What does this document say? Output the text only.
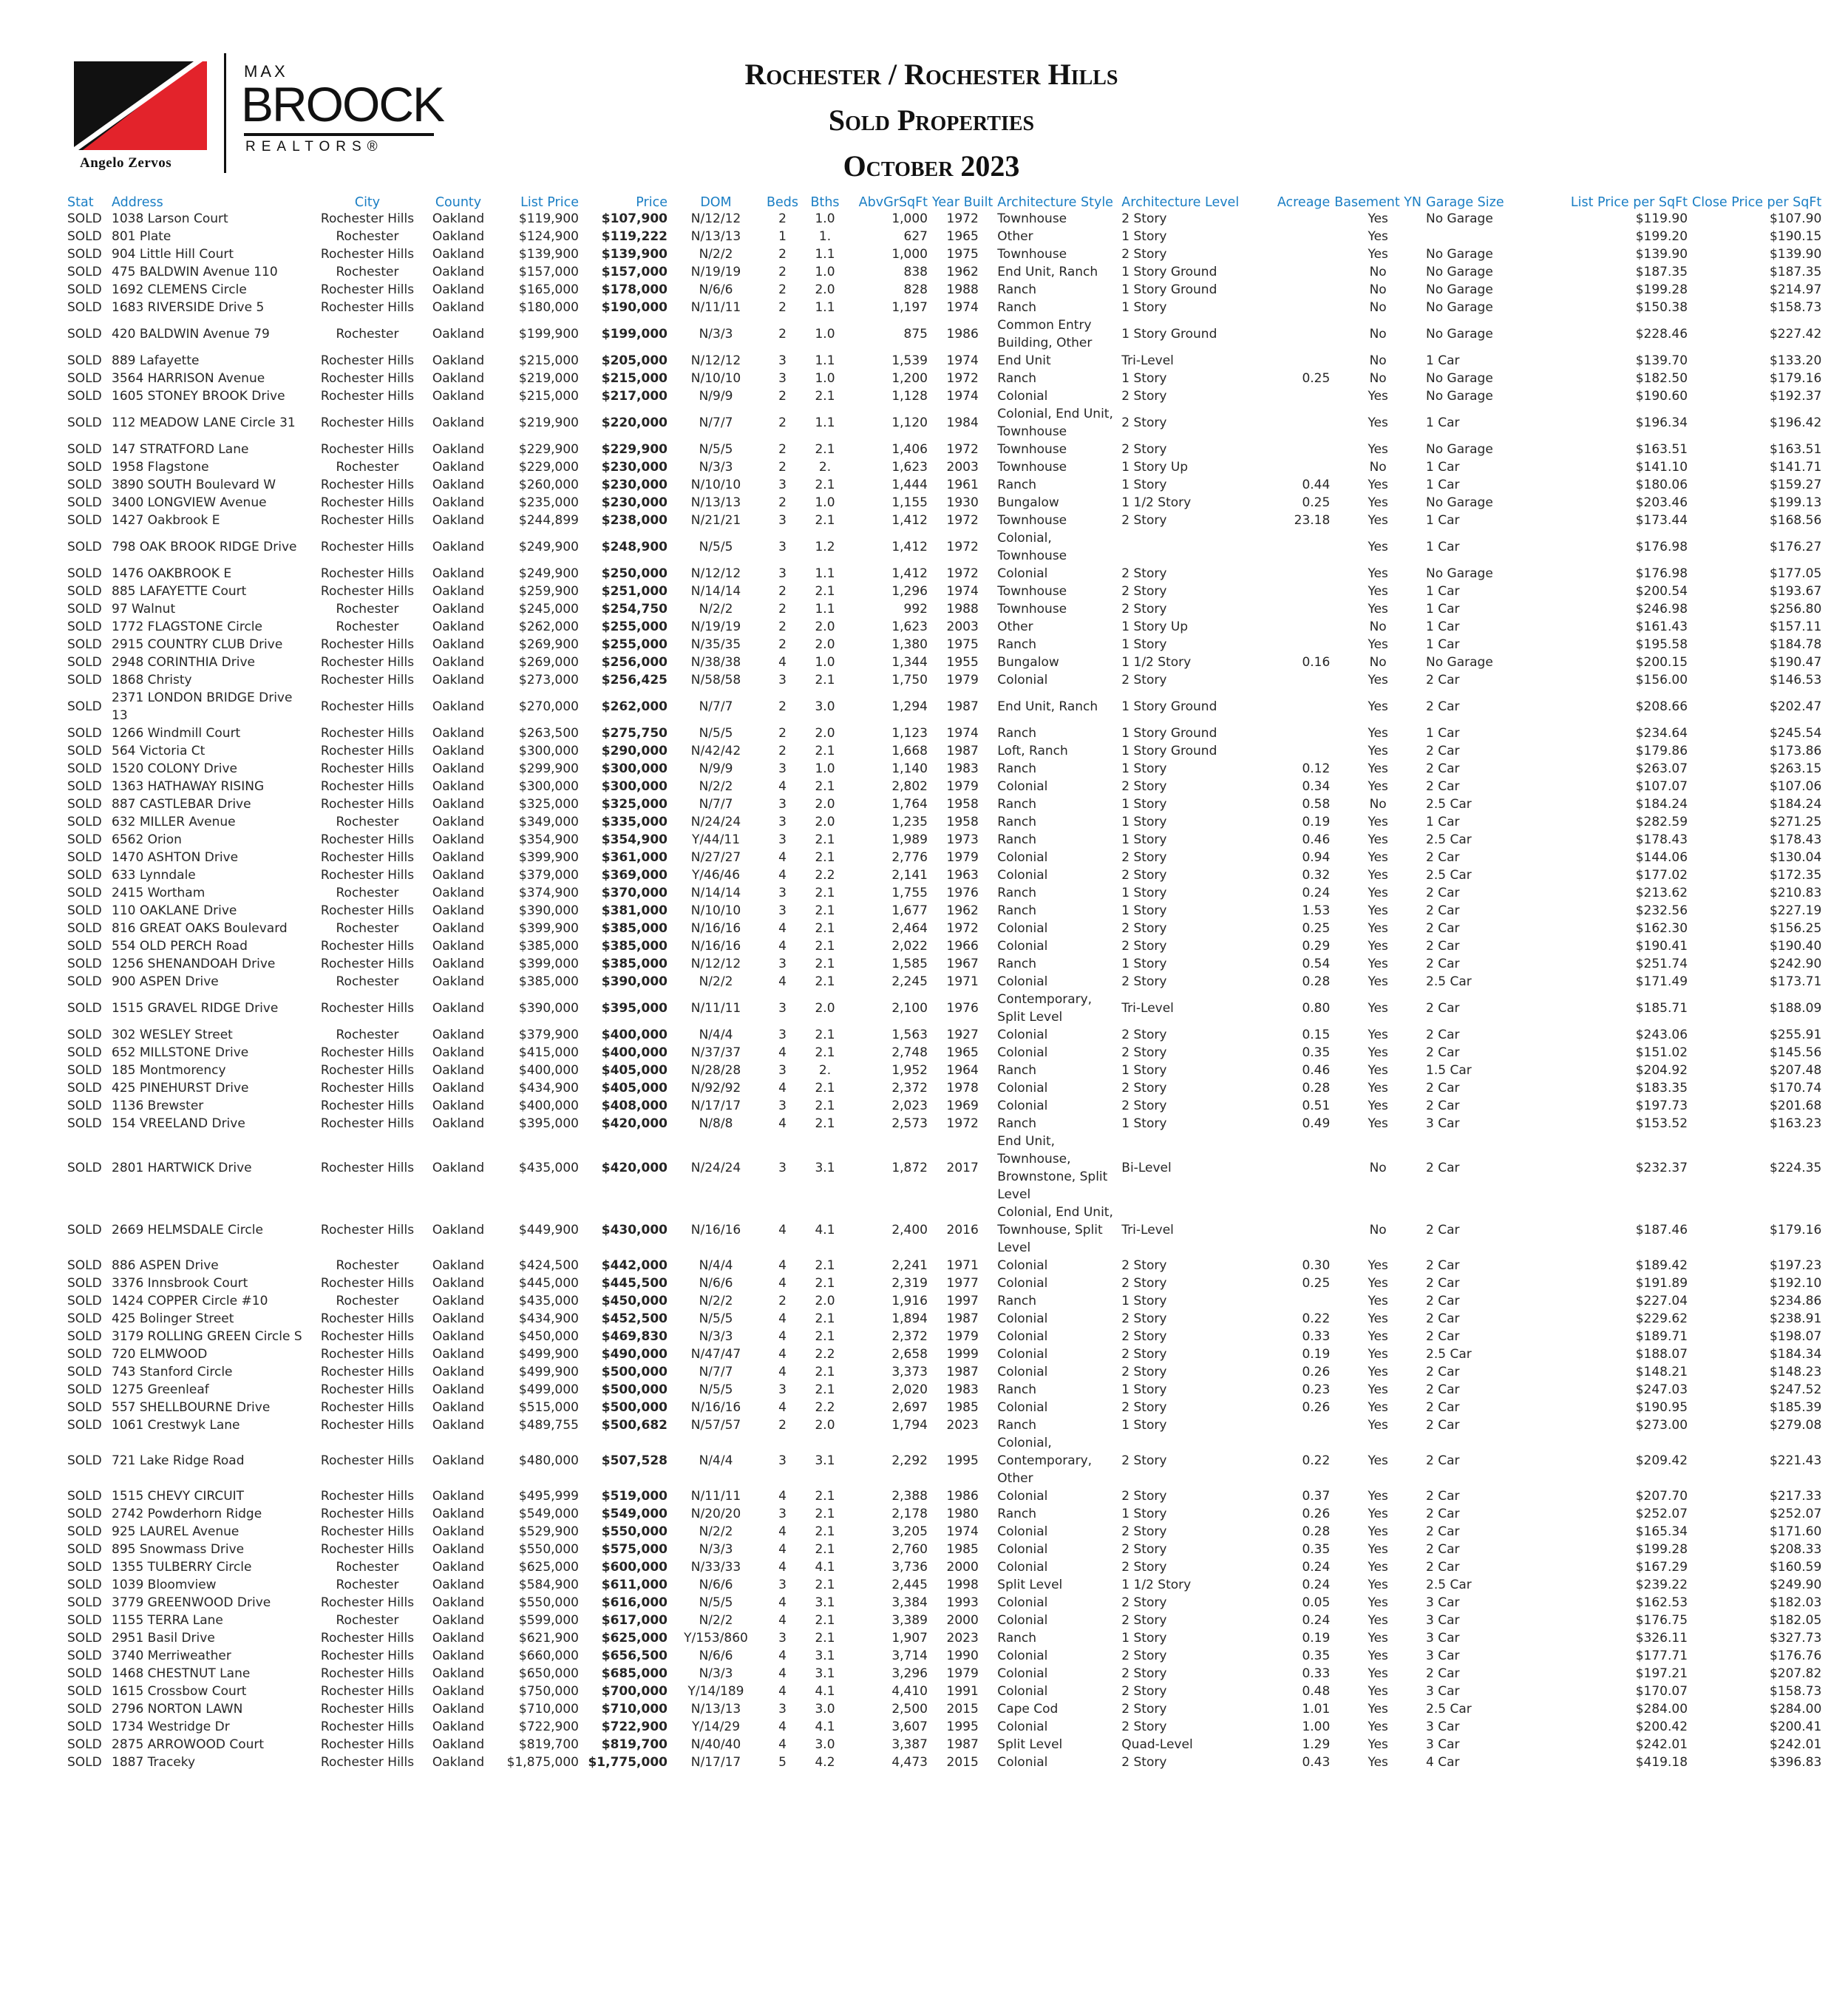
Angelo Zervos
MAX
BROOCK
REALTORS®
Rochester / Rochester Hills
Sold Properties
October 2023
Stat	Address	City	County	List Price	Price	DOM	Beds	Bths	AbvGrSqFt	Year Built	Architecture Style	Architecture Level	Acreage	Basement YN	Garage Size	List Price per SqFt	Close Price per SqFt
SOLD	1038 Larson Court	Rochester Hills	Oakland	$119,900	$107,900	N/12/12	2	1.0	1,000	1972	Townhouse	2 Story		Yes	No Garage	$119.90	$107.90
SOLD	801 Plate	Rochester	Oakland	$124,900	$119,222	N/13/13	1	1.	627	1965	Other	1 Story		Yes		$199.20	$190.15
SOLD	904 Little Hill Court	Rochester Hills	Oakland	$139,900	$139,900	N/2/2	2	1.1	1,000	1975	Townhouse	2 Story		Yes	No Garage	$139.90	$139.90
SOLD	475 BALDWIN Avenue 110	Rochester	Oakland	$157,000	$157,000	N/19/19	2	1.0	838	1962	End Unit, Ranch	1 Story Ground		No	No Garage	$187.35	$187.35
SOLD	1692 CLEMENS Circle	Rochester Hills	Oakland	$165,000	$178,000	N/6/6	2	2.0	828	1988	Ranch	1 Story Ground		No	No Garage	$199.28	$214.97
SOLD	1683 RIVERSIDE Drive 5	Rochester Hills	Oakland	$180,000	$190,000	N/11/11	2	1.1	1,197	1974	Ranch	1 Story		No	No Garage	$150.38	$158.73
SOLD	420 BALDWIN Avenue 79	Rochester	Oakland	$199,900	$199,000	N/3/3	2	1.0	875	1986	Common Entry Building, Other	1 Story Ground		No	No Garage	$228.46	$227.42
SOLD	889 Lafayette	Rochester Hills	Oakland	$215,000	$205,000	N/12/12	3	1.1	1,539	1974	End Unit	Tri-Level		No	1 Car	$139.70	$133.20
SOLD	3564 HARRISON Avenue	Rochester Hills	Oakland	$219,000	$215,000	N/10/10	3	1.0	1,200	1972	Ranch	1 Story	0.25	No	No Garage	$182.50	$179.16
SOLD	1605 STONEY BROOK Drive	Rochester Hills	Oakland	$215,000	$217,000	N/9/9	2	2.1	1,128	1974	Colonial	2 Story		Yes	No Garage	$190.60	$192.37
SOLD	112 MEADOW LANE Circle 31	Rochester Hills	Oakland	$219,900	$220,000	N/7/7	2	1.1	1,120	1984	Colonial, End Unit, Townhouse	2 Story		Yes	1 Car	$196.34	$196.42
SOLD	147 STRATFORD Lane	Rochester Hills	Oakland	$229,900	$229,900	N/5/5	2	2.1	1,406	1972	Townhouse	2 Story		Yes	No Garage	$163.51	$163.51
SOLD	1958 Flagstone	Rochester	Oakland	$229,000	$230,000	N/3/3	2	2.	1,623	2003	Townhouse	1 Story Up		No	1 Car	$141.10	$141.71
SOLD	3890 SOUTH Boulevard W	Rochester Hills	Oakland	$260,000	$230,000	N/10/10	3	2.1	1,444	1961	Ranch	1 Story	0.44	Yes	1 Car	$180.06	$159.27
SOLD	3400 LONGVIEW Avenue	Rochester Hills	Oakland	$235,000	$230,000	N/13/13	2	1.0	1,155	1930	Bungalow	1 1/2 Story	0.25	Yes	No Garage	$203.46	$199.13
SOLD	1427 Oakbrook E	Rochester Hills	Oakland	$244,899	$238,000	N/21/21	3	2.1	1,412	1972	Townhouse	2 Story	23.18	Yes	1 Car	$173.44	$168.56
SOLD	798 OAK BROOK RIDGE Drive	Rochester Hills	Oakland	$249,900	$248,900	N/5/5	3	1.2	1,412	1972	Colonial, Townhouse			Yes	1 Car	$176.98	$176.27
SOLD	1476 OAKBROOK E	Rochester Hills	Oakland	$249,900	$250,000	N/12/12	3	1.1	1,412	1972	Colonial	2 Story		Yes	No Garage	$176.98	$177.05
SOLD	885 LAFAYETTE Court	Rochester Hills	Oakland	$259,900	$251,000	N/14/14	2	2.1	1,296	1974	Townhouse	2 Story		Yes	1 Car	$200.54	$193.67
SOLD	97 Walnut	Rochester	Oakland	$245,000	$254,750	N/2/2	2	1.1	992	1988	Townhouse	2 Story		Yes	1 Car	$246.98	$256.80
SOLD	1772 FLAGSTONE Circle	Rochester	Oakland	$262,000	$255,000	N/19/19	2	2.0	1,623	2003	Other	1 Story Up		No	1 Car	$161.43	$157.11
SOLD	2915 COUNTRY CLUB Drive	Rochester Hills	Oakland	$269,900	$255,000	N/35/35	2	2.0	1,380	1975	Ranch	1 Story		Yes	1 Car	$195.58	$184.78
SOLD	2948 CORINTHIA Drive	Rochester Hills	Oakland	$269,000	$256,000	N/38/38	4	1.0	1,344	1955	Bungalow	1 1/2 Story	0.16	No	No Garage	$200.15	$190.47
SOLD	1868 Christy	Rochester Hills	Oakland	$273,000	$256,425	N/58/58	3	2.1	1,750	1979	Colonial	2 Story		Yes	2 Car	$156.00	$146.53
SOLD	2371 LONDON BRIDGE Drive 13	Rochester Hills	Oakland	$270,000	$262,000	N/7/7	2	3.0	1,294	1987	End Unit, Ranch	1 Story Ground		Yes	2 Car	$208.66	$202.47
SOLD	1266 Windmill Court	Rochester Hills	Oakland	$263,500	$275,750	N/5/5	2	2.0	1,123	1974	Ranch	1 Story Ground		Yes	1 Car	$234.64	$245.54
SOLD	564 Victoria Ct	Rochester Hills	Oakland	$300,000	$290,000	N/42/42	2	2.1	1,668	1987	Loft, Ranch	1 Story Ground		Yes	2 Car	$179.86	$173.86
SOLD	1520 COLONY Drive	Rochester Hills	Oakland	$299,900	$300,000	N/9/9	3	1.0	1,140	1983	Ranch	1 Story	0.12	Yes	2 Car	$263.07	$263.15
SOLD	1363 HATHAWAY RISING	Rochester Hills	Oakland	$300,000	$300,000	N/2/2	4	2.1	2,802	1979	Colonial	2 Story	0.34	Yes	2 Car	$107.07	$107.06
SOLD	887 CASTLEBAR Drive	Rochester Hills	Oakland	$325,000	$325,000	N/7/7	3	2.0	1,764	1958	Ranch	1 Story	0.58	No	2.5 Car	$184.24	$184.24
SOLD	632 MILLER Avenue	Rochester	Oakland	$349,000	$335,000	N/24/24	3	2.0	1,235	1958	Ranch	1 Story	0.19	Yes	1 Car	$282.59	$271.25
SOLD	6562 Orion	Rochester Hills	Oakland	$354,900	$354,900	Y/44/11	3	2.1	1,989	1973	Ranch	1 Story	0.46	Yes	2.5 Car	$178.43	$178.43
SOLD	1470 ASHTON Drive	Rochester Hills	Oakland	$399,900	$361,000	N/27/27	4	2.1	2,776	1979	Colonial	2 Story	0.94	Yes	2 Car	$144.06	$130.04
SOLD	633 Lynndale	Rochester Hills	Oakland	$379,000	$369,000	Y/46/46	4	2.2	2,141	1963	Colonial	2 Story	0.32	Yes	2.5 Car	$177.02	$172.35
SOLD	2415 Wortham	Rochester	Oakland	$374,900	$370,000	N/14/14	3	2.1	1,755	1976	Ranch	1 Story	0.24	Yes	2 Car	$213.62	$210.83
SOLD	110 OAKLANE Drive	Rochester Hills	Oakland	$390,000	$381,000	N/10/10	3	2.1	1,677	1962	Ranch	1 Story	1.53	Yes	2 Car	$232.56	$227.19
SOLD	816 GREAT OAKS Boulevard	Rochester	Oakland	$399,900	$385,000	N/16/16	4	2.1	2,464	1972	Colonial	2 Story	0.25	Yes	2 Car	$162.30	$156.25
SOLD	554 OLD PERCH Road	Rochester Hills	Oakland	$385,000	$385,000	N/16/16	4	2.1	2,022	1966	Colonial	2 Story	0.29	Yes	2 Car	$190.41	$190.40
SOLD	1256 SHENANDOAH Drive	Rochester Hills	Oakland	$399,000	$385,000	N/12/12	3	2.1	1,585	1967	Ranch	1 Story	0.54	Yes	2 Car	$251.74	$242.90
SOLD	900 ASPEN Drive	Rochester	Oakland	$385,000	$390,000	N/2/2	4	2.1	2,245	1971	Colonial	2 Story	0.28	Yes	2.5 Car	$171.49	$173.71
SOLD	1515 GRAVEL RIDGE Drive	Rochester Hills	Oakland	$390,000	$395,000	N/11/11	3	2.0	2,100	1976	Contemporary, Split Level	Tri-Level	0.80	Yes	2 Car	$185.71	$188.09
SOLD	302 WESLEY Street	Rochester	Oakland	$379,900	$400,000	N/4/4	3	2.1	1,563	1927	Colonial	2 Story	0.15	Yes	2 Car	$243.06	$255.91
SOLD	652 MILLSTONE Drive	Rochester Hills	Oakland	$415,000	$400,000	N/37/37	4	2.1	2,748	1965	Colonial	2 Story	0.35	Yes	2 Car	$151.02	$145.56
SOLD	185 Montmorency	Rochester Hills	Oakland	$400,000	$405,000	N/28/28	3	2.	1,952	1964	Ranch	1 Story	0.46	Yes	1.5 Car	$204.92	$207.48
SOLD	425 PINEHURST Drive	Rochester Hills	Oakland	$434,900	$405,000	N/92/92	4	2.1	2,372	1978	Colonial	2 Story	0.28	Yes	2 Car	$183.35	$170.74
SOLD	1136 Brewster	Rochester Hills	Oakland	$400,000	$408,000	N/17/17	3	2.1	2,023	1969	Colonial	2 Story	0.51	Yes	2 Car	$197.73	$201.68
SOLD	154 VREELAND Drive	Rochester Hills	Oakland	$395,000	$420,000	N/8/8	4	2.1	2,573	1972	Ranch	1 Story	0.49	Yes	3 Car	$153.52	$163.23
SOLD	2801 HARTWICK Drive	Rochester Hills	Oakland	$435,000	$420,000	N/24/24	3	3.1	1,872	2017	End Unit, Townhouse, Brownstone, Split Level	Bi-Level		No	2 Car	$232.37	$224.35
SOLD	2669 HELMSDALE Circle	Rochester Hills	Oakland	$449,900	$430,000	N/16/16	4	4.1	2,400	2016	Colonial, End Unit, Townhouse, Split Level	Tri-Level		No	2 Car	$187.46	$179.16
SOLD	886 ASPEN Drive	Rochester	Oakland	$424,500	$442,000	N/4/4	4	2.1	2,241	1971	Colonial	2 Story	0.30	Yes	2 Car	$189.42	$197.23
SOLD	3376 Innsbrook Court	Rochester Hills	Oakland	$445,000	$445,500	N/6/6	4	2.1	2,319	1977	Colonial	2 Story	0.25	Yes	2 Car	$191.89	$192.10
SOLD	1424 COPPER Circle #10	Rochester	Oakland	$435,000	$450,000	N/2/2	2	2.0	1,916	1997	Ranch	1 Story		Yes	2 Car	$227.04	$234.86
SOLD	425 Bolinger Street	Rochester Hills	Oakland	$434,900	$452,500	N/5/5	4	2.1	1,894	1987	Colonial	2 Story	0.22	Yes	2 Car	$229.62	$238.91
SOLD	3179 ROLLING GREEN Circle S	Rochester Hills	Oakland	$450,000	$469,830	N/3/3	4	2.1	2,372	1979	Colonial	2 Story	0.33	Yes	2 Car	$189.71	$198.07
SOLD	720 ELMWOOD	Rochester Hills	Oakland	$499,900	$490,000	N/47/47	4	2.2	2,658	1999	Colonial	2 Story	0.19	Yes	2.5 Car	$188.07	$184.34
SOLD	743 Stanford Circle	Rochester Hills	Oakland	$499,900	$500,000	N/7/7	4	2.1	3,373	1987	Colonial	2 Story	0.26	Yes	2 Car	$148.21	$148.23
SOLD	1275 Greenleaf	Rochester Hills	Oakland	$499,000	$500,000	N/5/5	3	2.1	2,020	1983	Ranch	1 Story	0.23	Yes	2 Car	$247.03	$247.52
SOLD	557 SHELLBOURNE Drive	Rochester Hills	Oakland	$515,000	$500,000	N/16/16	4	2.2	2,697	1985	Colonial	2 Story	0.26	Yes	2 Car	$190.95	$185.39
SOLD	1061 Crestwyk Lane	Rochester Hills	Oakland	$489,755	$500,682	N/57/57	2	2.0	1,794	2023	Ranch	1 Story		Yes	2 Car	$273.00	$279.08
SOLD	721 Lake Ridge Road	Rochester Hills	Oakland	$480,000	$507,528	N/4/4	3	3.1	2,292	1995	Colonial, Contemporary, Other	2 Story	0.22	Yes	2 Car	$209.42	$221.43
SOLD	1515 CHEVY CIRCUIT	Rochester Hills	Oakland	$495,999	$519,000	N/11/11	4	2.1	2,388	1986	Colonial	2 Story	0.37	Yes	2 Car	$207.70	$217.33
SOLD	2742 Powderhorn Ridge	Rochester Hills	Oakland	$549,000	$549,000	N/20/20	3	2.1	2,178	1980	Ranch	1 Story	0.26	Yes	2 Car	$252.07	$252.07
SOLD	925 LAUREL Avenue	Rochester Hills	Oakland	$529,900	$550,000	N/2/2	4	2.1	3,205	1974	Colonial	2 Story	0.28	Yes	2 Car	$165.34	$171.60
SOLD	895 Snowmass Drive	Rochester Hills	Oakland	$550,000	$575,000	N/3/3	4	2.1	2,760	1985	Colonial	2 Story	0.35	Yes	2 Car	$199.28	$208.33
SOLD	1355 TULBERRY Circle	Rochester	Oakland	$625,000	$600,000	N/33/33	4	4.1	3,736	2000	Colonial	2 Story	0.24	Yes	2 Car	$167.29	$160.59
SOLD	1039 Bloomview	Rochester	Oakland	$584,900	$611,000	N/6/6	3	2.1	2,445	1998	Split Level	1 1/2 Story	0.24	Yes	2.5 Car	$239.22	$249.90
SOLD	3779 GREENWOOD Drive	Rochester Hills	Oakland	$550,000	$616,000	N/5/5	4	3.1	3,384	1993	Colonial	2 Story	0.05	Yes	3 Car	$162.53	$182.03
SOLD	1155 TERRA Lane	Rochester	Oakland	$599,000	$617,000	N/2/2	4	2.1	3,389	2000	Colonial	2 Story	0.24	Yes	3 Car	$176.75	$182.05
SOLD	2951 Basil Drive	Rochester Hills	Oakland	$621,900	$625,000	Y/153/860	3	2.1	1,907	2023	Ranch	1 Story	0.19	Yes	3 Car	$326.11	$327.73
SOLD	3740 Merriweather	Rochester Hills	Oakland	$660,000	$656,500	N/6/6	4	3.1	3,714	1990	Colonial	2 Story	0.35	Yes	3 Car	$177.71	$176.76
SOLD	1468 CHESTNUT Lane	Rochester Hills	Oakland	$650,000	$685,000	N/3/3	4	3.1	3,296	1979	Colonial	2 Story	0.33	Yes	2 Car	$197.21	$207.82
SOLD	1615 Crossbow Court	Rochester Hills	Oakland	$750,000	$700,000	Y/14/189	4	4.1	4,410	1991	Colonial	2 Story	0.48	Yes	3 Car	$170.07	$158.73
SOLD	2796 NORTON LAWN	Rochester Hills	Oakland	$710,000	$710,000	N/13/13	3	3.0	2,500	2015	Cape Cod	2 Story	1.01	Yes	2.5 Car	$284.00	$284.00
SOLD	1734 Westridge Dr	Rochester Hills	Oakland	$722,900	$722,900	Y/14/29	4	4.1	3,607	1995	Colonial	2 Story	1.00	Yes	3 Car	$200.42	$200.41
SOLD	2875 ARROWOOD Court	Rochester Hills	Oakland	$819,700	$819,700	N/40/40	4	3.0	3,387	1987	Split Level	Quad-Level	1.29	Yes	3 Car	$242.01	$242.01
SOLD	1887 Traceky	Rochester Hills	Oakland	$1,875,000	$1,775,000	N/17/17	5	4.2	4,473	2015	Colonial	2 Story	0.43	Yes	4 Car	$419.18	$396.83
